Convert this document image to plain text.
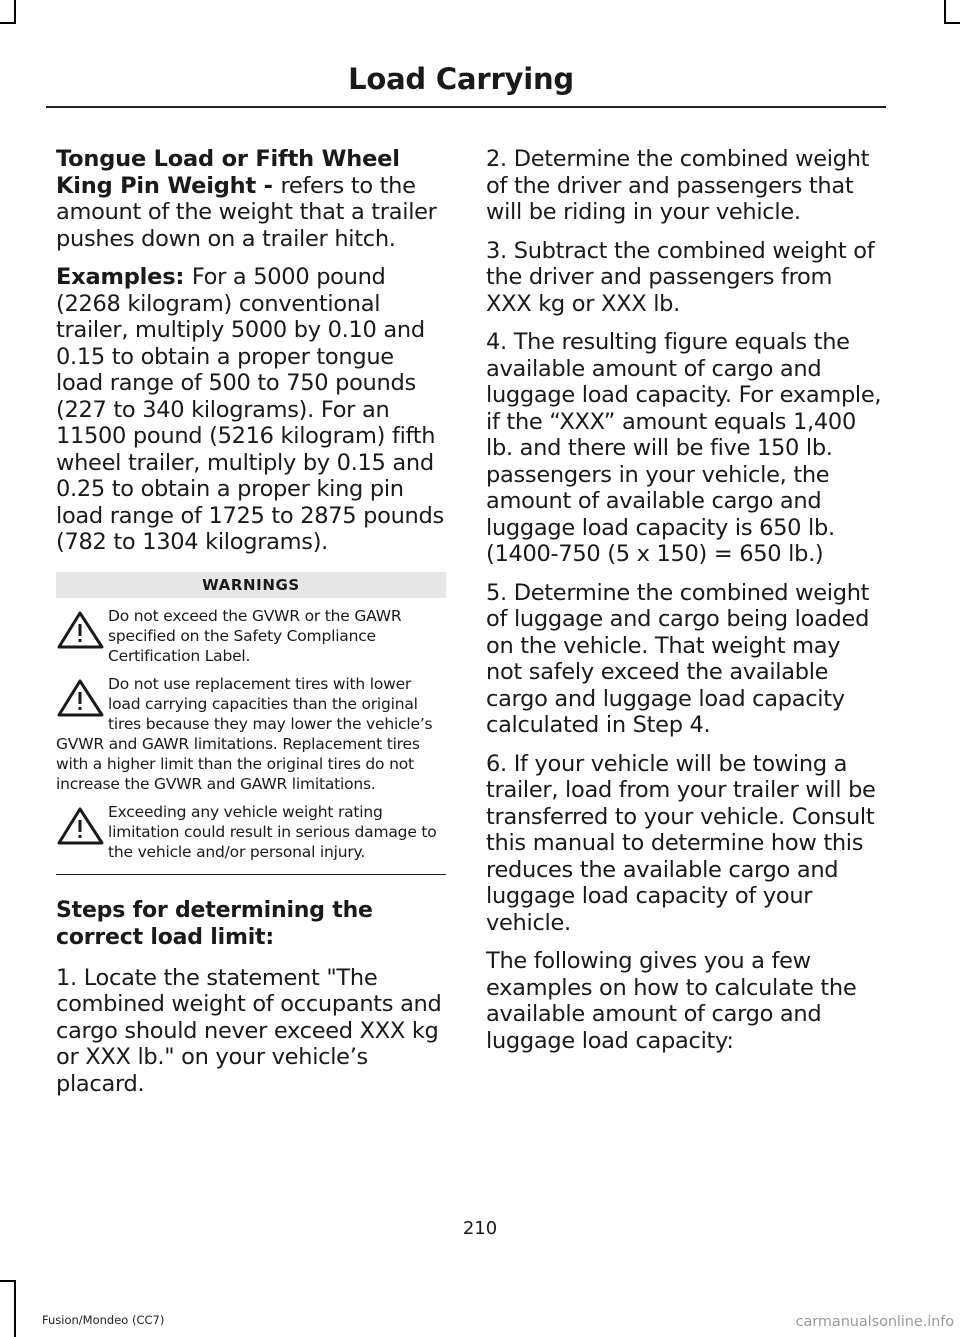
Load Carrying

Tongue Load or Fifth Wheel King Pin Weight - refers to the amount of the weight that a trailer pushes down on a trailer hitch.

Examples: For a 5000 pound (2268 kilogram) conventional trailer, multiply 5000 by 0.10 and 0.15 to obtain a proper tongue load range of 500 to 750 pounds (227 to 340 kilograms). For an 11500 pound (5216 kilogram) fifth wheel trailer, multiply by 0.15 and 0.25 to obtain a proper king pin load range of 1725 to 2875 pounds (782 to 1304 kilograms).

WARNINGS
Do not exceed the GVWR or the GAWR specified on the Safety Compliance Certification Label.
Do not use replacement tires with lower load carrying capacities than the original tires because they may lower the vehicle’s GVWR and GAWR limitations. Replacement tires with a higher limit than the original tires do not increase the GVWR and GAWR limitations.
Exceeding any vehicle weight rating limitation could result in serious damage to the vehicle and/or personal injury.
Steps for determining the correct load limit:

1. Locate the statement "The combined weight of occupants and cargo should never exceed XXX kg or XXX lb." on your vehicle’s placard.

2. Determine the combined weight of the driver and passengers that will be riding in your vehicle.

3. Subtract the combined weight of the driver and passengers from XXX kg or XXX lb.

4. The resulting figure equals the available amount of cargo and luggage load capacity. For example, if the “XXX” amount equals 1,400 lb. and there will be five 150 lb. passengers in your vehicle, the amount of available cargo and luggage load capacity is 650 lb. (1400-750 (5 x 150) = 650 lb.)

5. Determine the combined weight of luggage and cargo being loaded on the vehicle. That weight may not safely exceed the available cargo and luggage load capacity calculated in Step 4.

6. If your vehicle will be towing a trailer, load from your trailer will be transferred to your vehicle. Consult this manual to determine how this reduces the available cargo and luggage load capacity of your vehicle.

The following gives you a few examples on how to calculate the available amount of cargo and luggage load capacity:

210
Fusion/Mondeo (CC7)	carmanualsonline.info
